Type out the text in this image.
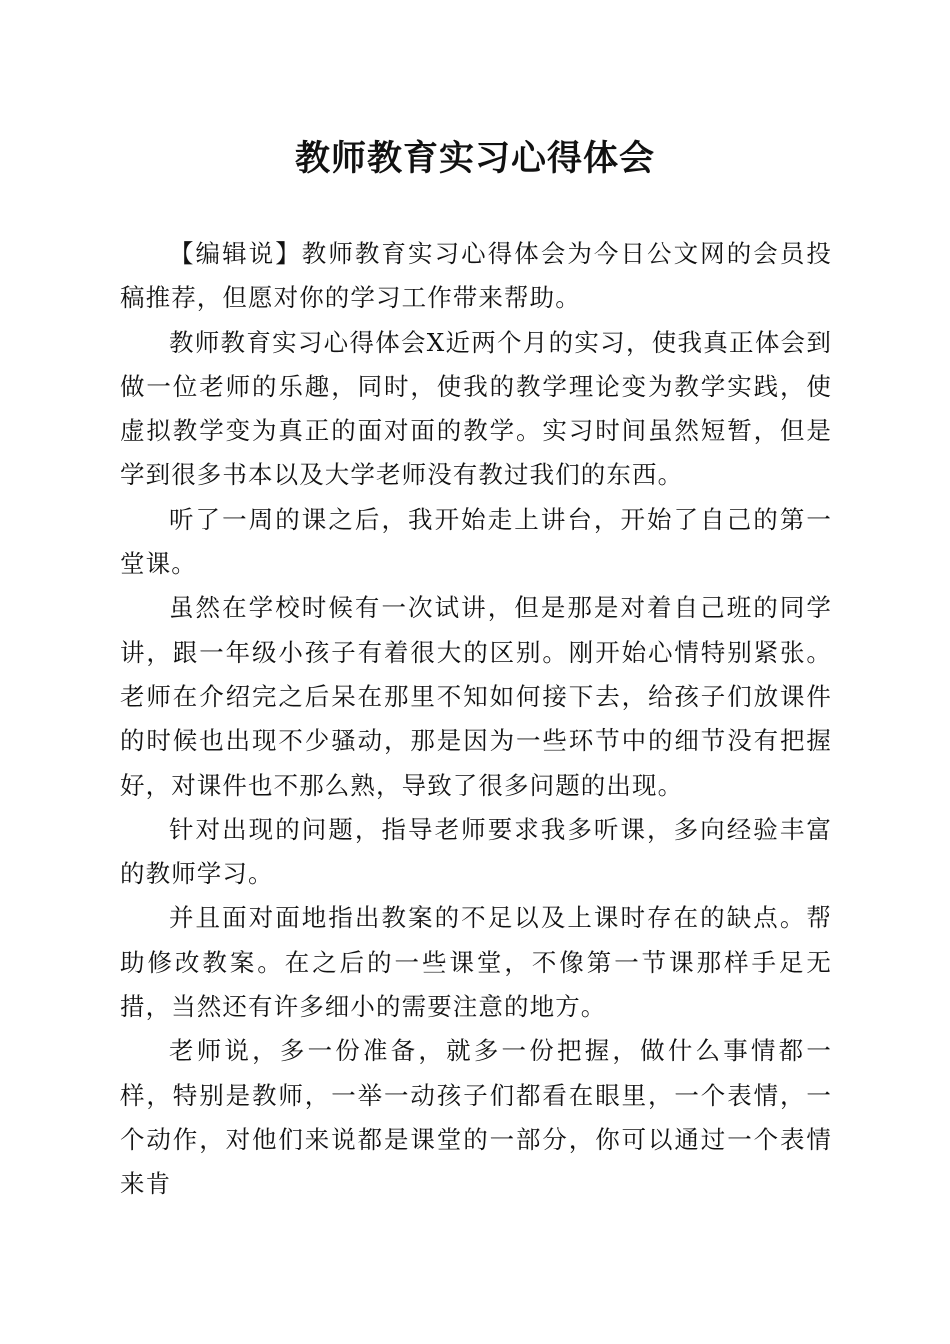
教师教育实习心得体会

【编辑说】教师教育实习心得体会为今日公文网的会员投稿推荐，但愿对你的学习工作带来帮助。

教师教育实习心得体会X近两个月的实习，使我真正体会到做一位老师的乐趣，同时，使我的教学理论变为教学实践，使虚拟教学变为真正的面对面的教学。实习时间虽然短暂，但是学到很多书本以及大学老师没有教过我们的东西。

听了一周的课之后，我开始走上讲台，开始了自己的第一堂课。

虽然在学校时候有一次试讲，但是那是对着自己班的同学讲，跟一年级小孩子有着很大的区别。刚开始心情特别紧张。老师在介绍完之后呆在那里不知如何接下去，给孩子们放课件的时候也出现不少骚动，那是因为一些环节中的细节没有把握好，对课件也不那么熟，导致了很多问题的出现。

针对出现的问题，指导老师要求我多听课，多向经验丰富的教师学习。

并且面对面地指出教案的不足以及上课时存在的缺点。帮助修改教案。在之后的一些课堂，不像第一节课那样手足无措，当然还有许多细小的需要注意的地方。

老师说，多一份准备，就多一份把握，做什么事情都一样，特别是教师，一举一动孩子们都看在眼里，一个表情，一个动作，对他们来说都是课堂的一部分，你可以通过一个表情来肯
